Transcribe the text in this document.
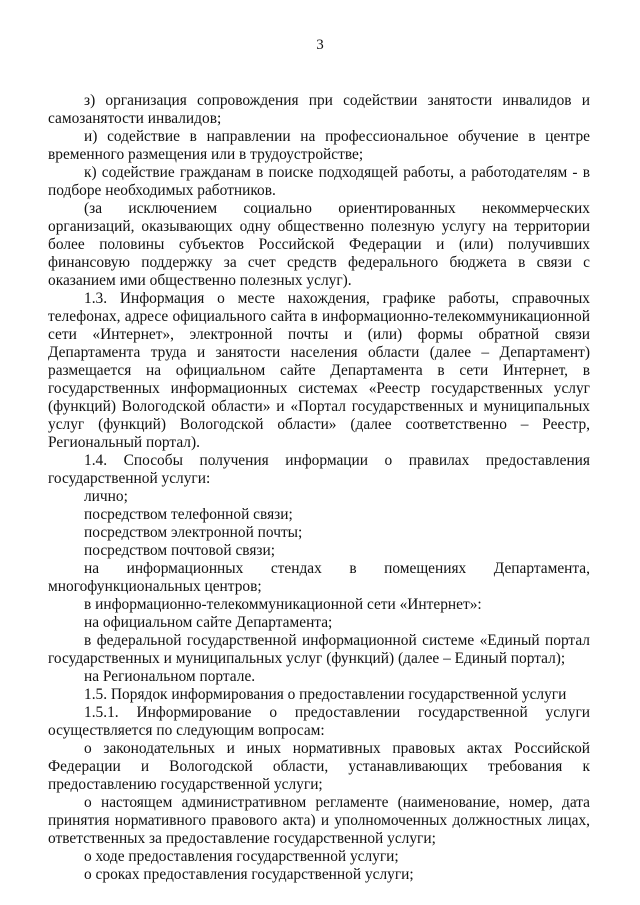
3

з) организация сопровождения при содействии занятости инвалидов и самозанятости инвалидов;

и) содействие в направлении на профессиональное обучение в центре временного размещения или в трудоустройстве;

к) содействие гражданам в поиске подходящей работы, а работодателям - в подборе необходимых работников.

(за исключением социально ориентированных некоммерческих организаций, оказывающих одну общественно полезную услугу на территории более половины субъектов Российской Федерации и (или) получивших финансовую поддержку за счет средств федерального бюджета в связи с оказанием ими общественно полезных услуг).

1.3. Информация о месте нахождения, графике работы, справочных телефонах, адресе официального сайта в информационно-телекоммуникационной сети «Интернет», электронной почты и (или) формы обратной связи Департамента труда и занятости населения области (далее – Департамент) размещается на официальном сайте Департамента в сети Интернет, в государственных информационных системах «Реестр государственных услуг (функций) Вологодской области» и «Портал государственных и муниципальных услуг (функций) Вологодской области» (далее соответственно – Реестр, Региональный портал).

1.4. Способы получения информации о правилах предоставления государственной услуги:

лично;

посредством телефонной связи;

посредством электронной почты;

посредством почтовой связи;

на информационных стендах в помещениях Департамента, многофункциональных центров;

в информационно-телекоммуникационной сети «Интернет»:

на официальном сайте Департамента;

в федеральной государственной информационной системе «Единый портал государственных и муниципальных услуг (функций) (далее – Единый портал);

на Региональном портале.

1.5. Порядок информирования о предоставлении государственной услуги

1.5.1. Информирование о предоставлении государственной услуги осуществляется по следующим вопросам:

о законодательных и иных нормативных правовых актах Российской Федерации и Вологодской области, устанавливающих требования к предоставлению государственной услуги;

о настоящем административном регламенте (наименование, номер, дата принятия нормативного правового акта) и уполномоченных должностных лицах, ответственных за предоставление государственной услуги;

о ходе предоставления государственной услуги;

о сроках предоставления государственной услуги;
